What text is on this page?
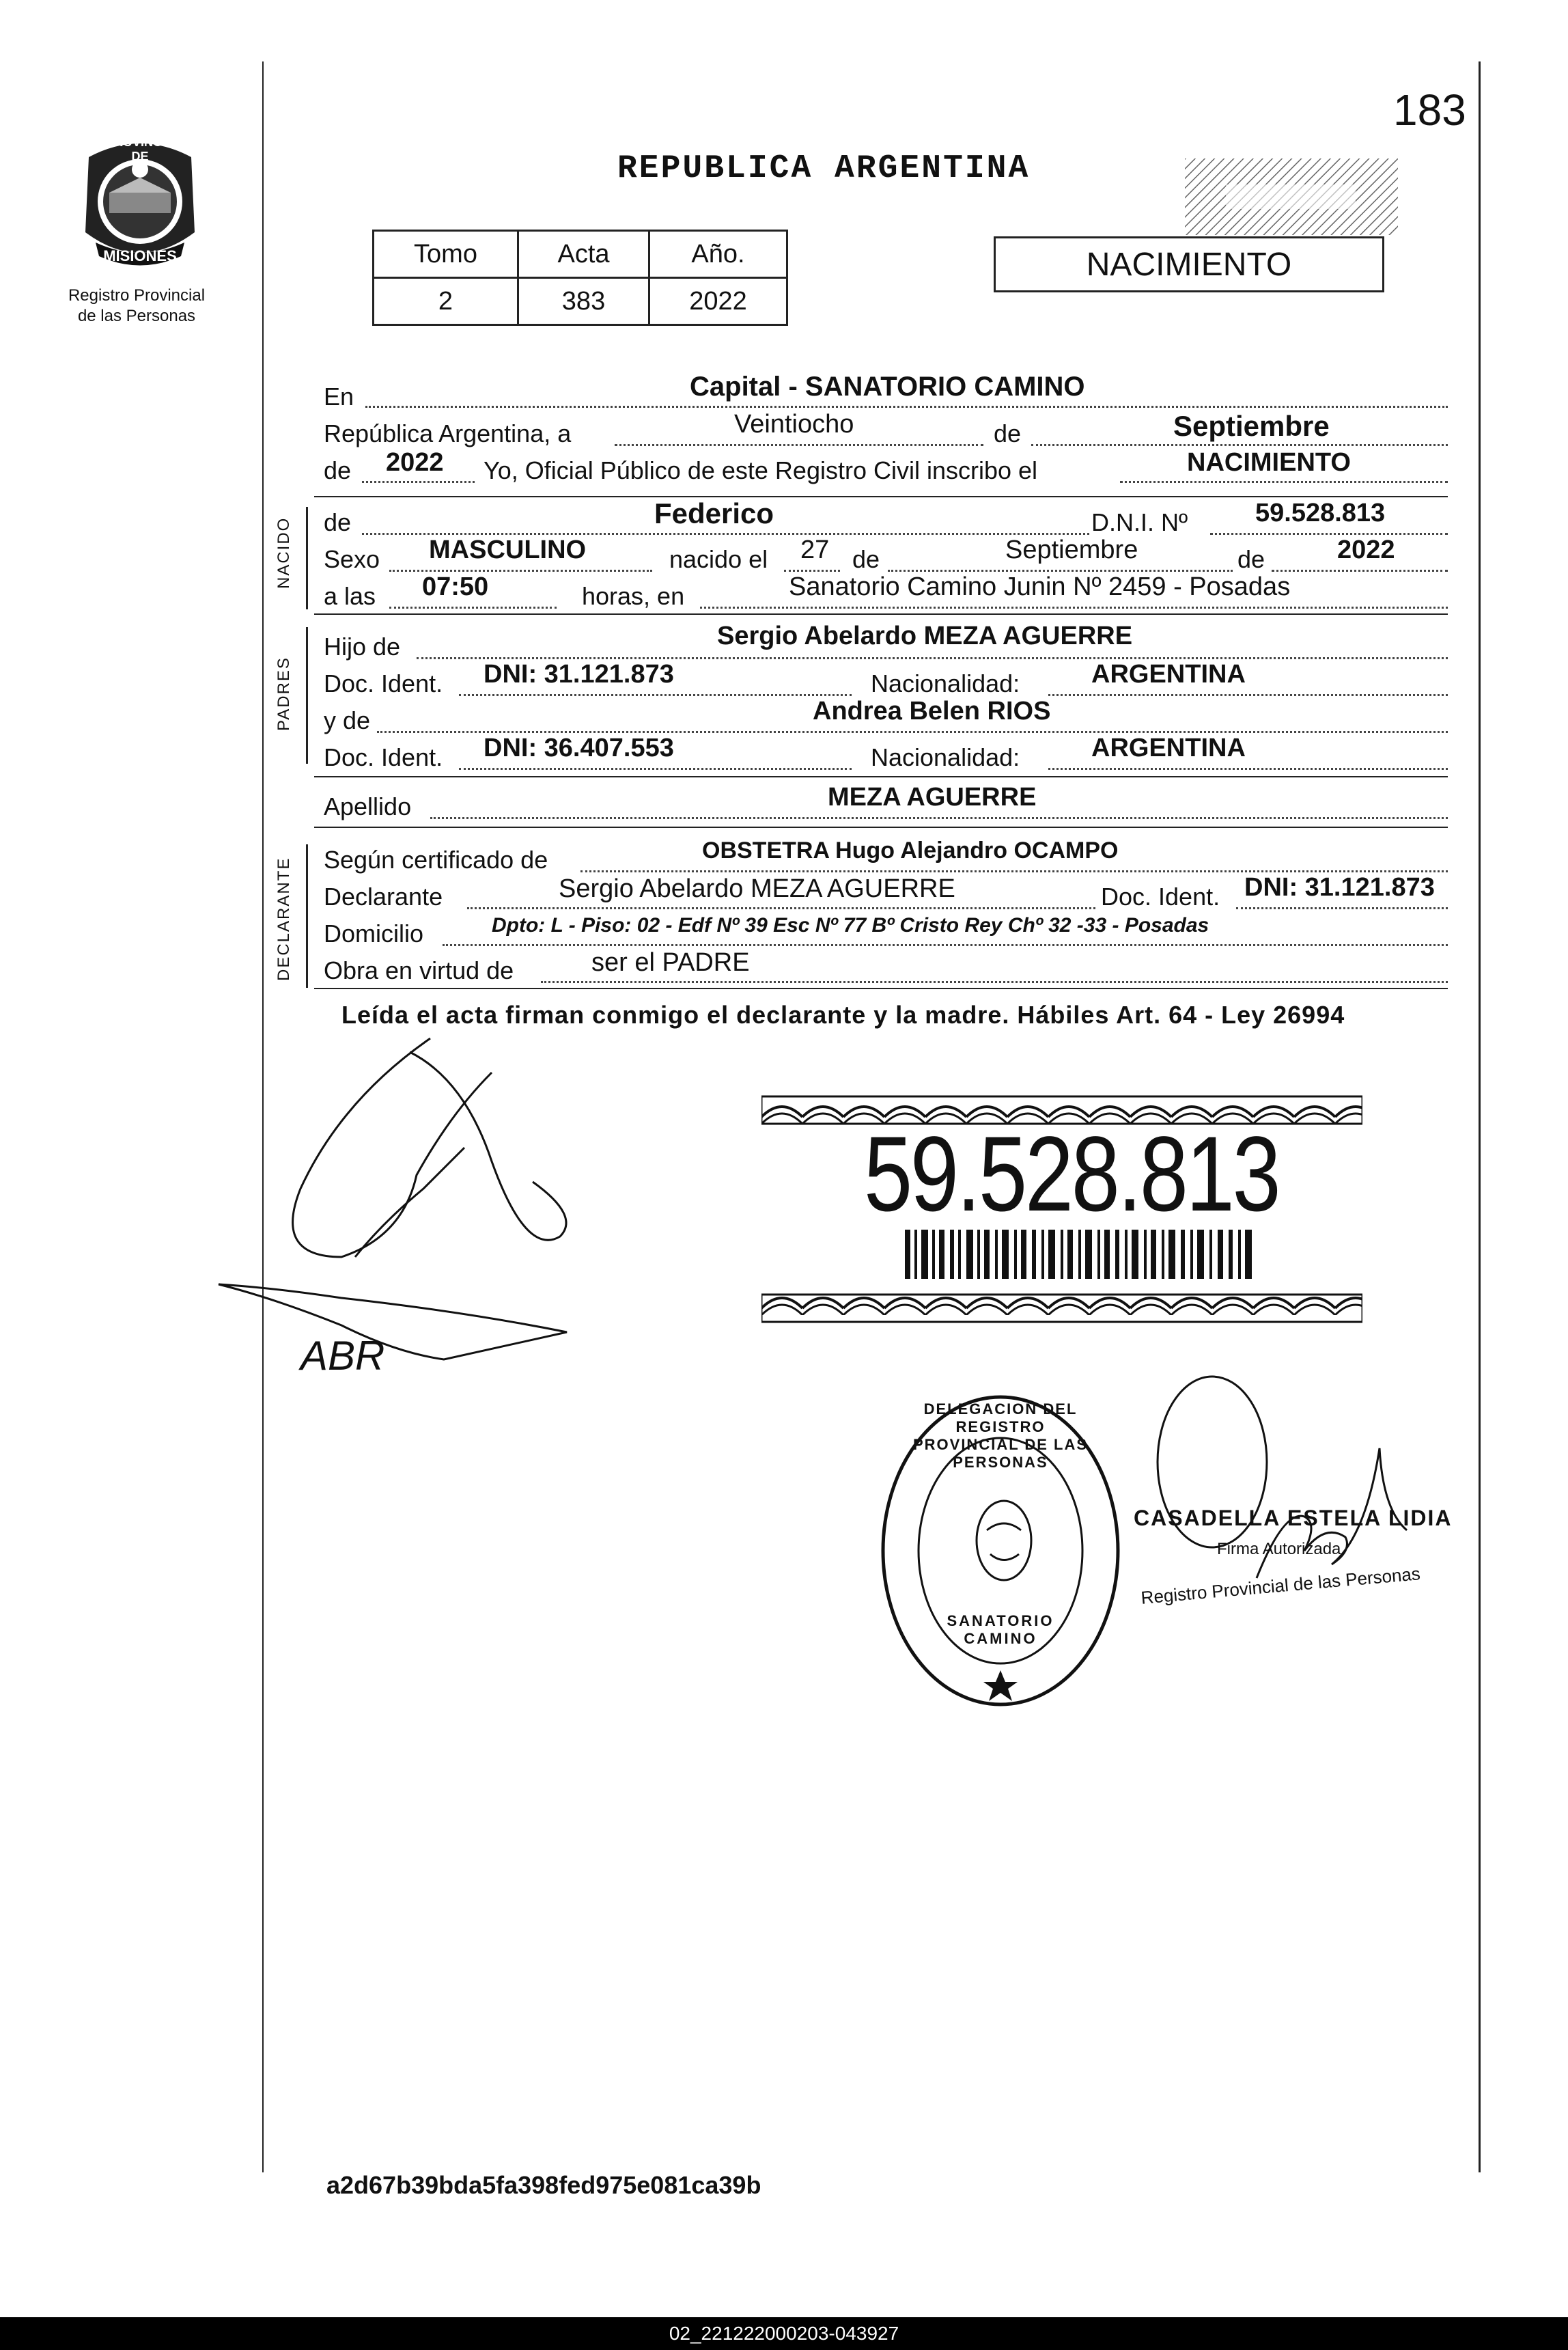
183
PROVINCIA DE
MISIONES
Registro Provincial
de las Personas
REPUBLICA ARGENTINA
Tomo	Acta	Año.
2	383	2022
NACIMIENTO
En	Capital - SANATORIO CAMINO
República Argentina, a	Veintiocho	de	Septiembre
de 2022 Yo, Oficial Público de este Registro Civil inscribo el	NACIMIENTO
NACIDO de	Federico	D.N.I. Nº	59.528.813
Sexo MASCULINO	nacido el 27 de	Septiembre	de	2022
a las 07:50	horas, en	Sanatorio Camino Junin Nº 2459 - Posadas
PADRES
Hijo de	Sergio Abelardo MEZA AGUERRE
Doc. Ident. DNI: 31.121.873	Nacionalidad:	ARGENTINA
y de	Andrea Belen RIOS
Doc. Ident. DNI: 36.407.553	Nacionalidad:	ARGENTINA
Apellido	MEZA AGUERRE
DECLARANTE Según certificado de	OBSTETRA Hugo Alejandro OCAMPO
Declarante	Sergio Abelardo MEZA AGUERRE	Doc. Ident. DNI: 31.121.873
Domicilio	Dpto: L - Piso: 02 - Edf Nº 39 Esc Nº 77 Bº Cristo Rey Chº 32 -33 - Posadas
Obra en virtud de	ser el PADRE
Leída el acta firman conmigo el declarante y la madre. Hábiles Art. 64 - Ley 26994
ABR
59.528.813
DELEGACION DEL REGISTRO PROVINCIAL DE LAS PERSONAS
SANATORIO CAMINO
CASADELLA ESTELA LIDIA
Firma Autorizada
Registro Provincial de las Personas
a2d67b39bda5fa398fed975e081ca39b
02_221222000203-043927
